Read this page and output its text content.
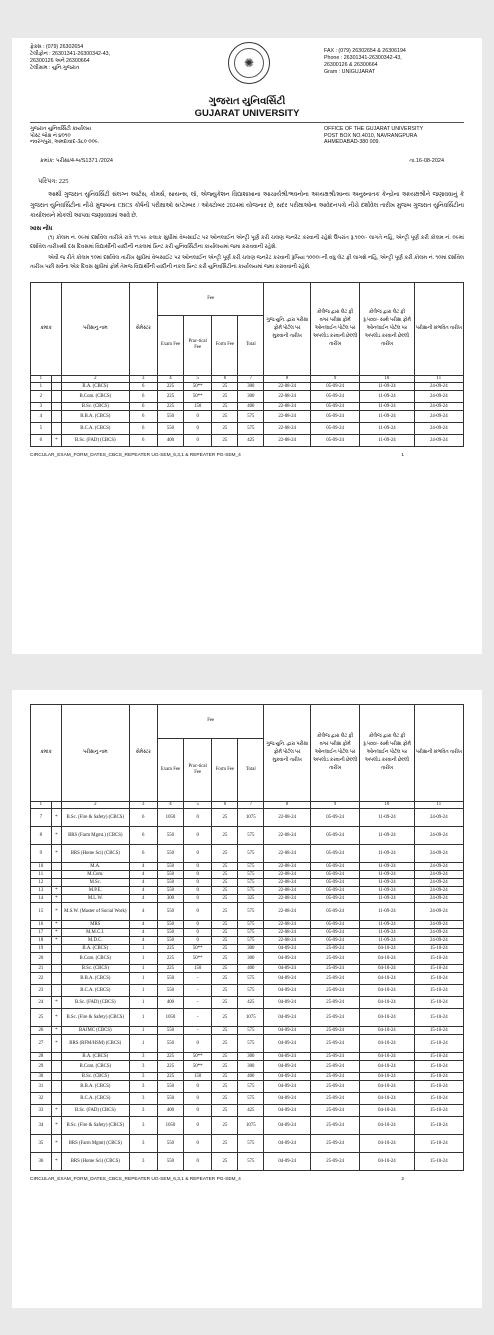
ફેક્સ : (079) 26302654
ટેલીફોન : 26301341-26300342-43,
26300126 અને 26300664
ટેલીગ્રામ : યુનિ.ગુજરાત	✺
FAX : (079) 26302654 & 26306194
Phone : 26301341-26300342-43,
26300126 & 26300664
Gram : UNIGUJARAT
ગુજરાત યુનિવર્સિટી
GUJARAT UNIVERSITY
ગુજરાત યુનિવર્સિટી કાર્યાલય
પોસ્ટ બોક્ષ નં ૪૦૧૦
નવરંગપુરા, અમદાવાદ-૩૮૦ ૦૦૯.
OFFICE OF THE GUJARAT UNIVERSITY
POST BOX NO.4010, NAVRANGPURA
AHMEDABAD-380 009.
ક્રમાંક: પરીક્ષા/4-બ/S1371 /2024	તા.16-08-2024
પરિપત્ર: 225

આથી ગુજરાત યુનિવર્સિટી સંલગ્ન આર્ટસ, કોમર્સ, સાયન્સ, લૉ, એજ્યુકેશન વિદ્યાશાખાના આચાર્યશ્રી/ભવનોના અધ્યક્ષશ્રી/માન્ય અનુસ્નાતક કેન્દ્રોના અધ્યક્ષશ્રીને જણાવવાનું કે ગુજરાત યુનિવર્સિટીના નીચે મુજબના CBCS કોર્ષની પરીક્ષાઓ સપ્ટેમ્બર / ઓક્ટોબર 2024માં યોજનાર છે, સદર પરીક્ષાઓના આવેદનપત્રો નીચે દર્શાવેલ તારીખ મુજબ ગુજરાત યુનિવર્સિટીના કાર્યાલયને મોકલી આપવા જણાવવામાં આવે છે.

ખાસ નોંધ

(૧) કોલમ નં. ૦૯માં દર્શાવેલ તારીખે રાત્રે ૧૧.૫૯ કલાક સુધીમાં વેબસાઈટ પર ઓનલાઈન એન્ટ્રી પૂર્ણ કરી ચલણ જનરેટ કરવાની રહેશે ઉપરાંત રૂ.૧૦૦/- લાગતે નહિ, એન્ટ્રી પૂર્ણ કરી કોલમ નં. ૦૯માં દર્શાવેલ તારીખથી દસ દિવસમાં વિદ્યાર્થીની યાદીની નકલમાં પ્રિન્ટ કરી યુનિવર્સિટીના કાર્યાલયમાં જમા કરાવવાની રહેશે.

એવી જ રીતે કોલમ ૧૦માં દર્શાવેલ તારીખ સુધીમાં વેબસાઈટ પર ઓનલાઈન એન્ટ્રી પૂર્ણ કરી ચલણ જનરેટ કરવાની રૂપિયા ૧૦૦૦/-ની વધુ લેટ ફી લાગશે નહિ, એન્ટ્રી પૂર્ણ કરી કોલમ નં. ૧૦માં દર્શાવેલ તારીખ પછી સર્વેના એક દિવસ સુધીમાં ફોર્મ તેમજ વિદ્યાર્થીની યાદીની નકલ પ્રિન્ટ કરી યુનિવર્સિટીના કાર્યાલયમાં જમા કરાવવાની રહેશે.

ક્રમાંક		પરીક્ષાનું નામ	સેમેસ્ટર	Fee				ગુજ.યુનિ. દ્વારા પરીક્ષા ફોર્મ પોર્ટલ પર મુકવાની તારીખ	કોલેજ દ્વારા લેટ ફી વગર પરીક્ષા ફોર્મ ઓનલાઈન પોર્ટલ પર અપલોડ કરવાની છેલ્લી તારીખ	કોલેજ દ્વારા લેટ ફી રૂ.૫૦૦/- સાથે પરીક્ષા ફોર્મ ઓનલાઈન પોર્ટલ પર અપલોડ કરવાની છેલ્લી તારીખ	પરીક્ષાની સંભવિત તારીખ
				Exam Fee	Prac-tical Fee	Form Fee	Total				
1		2	3	4	5	6	7	8	9	10	11
1		B.A. (CBCS)	6	225	50**	25	300	22-08-24	05-09-24	11-09-24	24-09-24
2		B.Com. (CBCS)	6	225	50**	25	300	22-08-24	05-09-24	11-09-24	24-09-24
3		B.Sc. (CBCS)	6	225	150	25	400	22-08-24	05-09-24	11-09-24	24-09-24
4		B.B.A. (CBCS)	6	550	0	25	575	22-08-24	05-09-24	11-09-24	24-09-24
5		B.C.A. (CBCS)	6	550	0	25	575	22-08-24	05-09-24	11-09-24	24-09-24
6	*	B.Sc. (FAD) (CBCS)	6	400	0	25	425	22-08-24	05-09-24	11-09-24	24-09-24
CIRCULAR_EXAM_FORM_DATES_CBCS_REPEATER UG-SEM_6,3,1 & REPEATER PG-SEM_4	1
ક્રમાંક		પરીક્ષાનું નામ	સેમેસ્ટર	Fee				ગુજ.યુનિ. દ્વારા પરીક્ષા ફોર્મ પોર્ટલ પર મુકવાની તારીખ	કોલેજ દ્વારા લેટ ફી વગર પરીક્ષા ફોર્મ ઓનલાઈન પોર્ટલ પર અપલોડ કરવાની છેલ્લી તારીખ	કોલેજ દ્વારા લેટ ફી રૂ.૫૦૦/- સાથે પરીક્ષા ફોર્મ ઓનલાઈન પોર્ટલ પર અપલોડ કરવાની છેલ્લી તારીખ	પરીક્ષાની સંભવિત તારીખ
				Exam Fee	Prac-tical Fee	Form Fee	Total				
1		2	3	4	5	6	7	8	9	10	11
7	*	B.Sc. (Fire & Safety) (CBCS)	6	1050	0	25	1075	22-08-24	05-09-24	11-09-24	24-09-24
8	*	BRS (Farm Mgmt.) (CBCS)	6	550	0	25	575	22-08-24	05-09-24	11-09-24	24-09-24
9	*	BRS (Home Sci) (CBCS)	6	550	0	25	575	22-08-24	05-09-24	11-09-24	24-09-24
10		M.A.	4	550	0	25	575	22-08-24	05-09-24	11-09-24	24-09-24
11		M.Com.	4	550	0	25	575	22-08-24	05-09-24	11-09-24	24-09-24
12		M.Sc.	4	550	0	25	575	22-08-24	05-09-24	11-09-24	24-09-24
13	*	M.P.E.	4	550	0	25	575	22-08-24	05-09-24	11-09-24	24-09-24
14	*	M.L.W.	4	300	0	25	325	22-08-24	05-09-24	11-09-24	24-09-24
15	*	M.S.W. (Master of Social Work)	4	550	0	25	575	22-08-24	05-09-24	11-09-24	24-09-24
16	*	MRS	4	550	0	25	575	22-08-24	05-09-24	11-09-24	24-09-24
17	*	M.M.C.J.	4	550	0	25	575	22-08-24	05-09-24	11-09-24	24-09-24
18	*	M.D.C.	4	550	0	25	575	22-08-24	05-09-24	11-09-24	24-09-24
19		B.A. (CBCS)	1	225	50**	25	300	04-09-24	25-09-24	04-10-24	15-10-24
20		B.Com. (CBCS)	1	225	50**	25	300	04-09-24	25-09-24	04-10-24	15-10-24
21		B.Sc. (CBCS)	1	225	150	25	400	04-09-24	25-09-24	04-10-24	15-10-24
22		B.B.A. (CBCS)	1	550	-	25	575	04-09-24	25-09-24	04-10-24	15-10-24
23		B.C.A. (CBCS)	1	550	-	25	575	04-09-24	25-09-24	04-10-24	15-10-24
24	*	B.Sc. (FAD) (CBCS)	1	400	-	25	425	04-09-24	25-09-24	04-10-24	15-10-24
25	*	B.Sc. (Fire & Safety) (CBCS)	1	1050	-	25	1075	04-09-24	25-09-24	04-10-24	15-10-24
26	*	BAJMC (CBCS)	1	550	-	25	575	04-09-24	25-09-24	04-10-24	15-10-24
27	*	BRS (RFM/HSM) (CBCS)	1	550	0	25	575	04-09-24	25-09-24	04-10-24	15-10-24
28		B.A. (CBCS)	3	225	50**	25	300	04-09-24	25-09-24	04-10-24	15-10-24
29		B.Com. (CBCS)	3	225	50**	25	300	04-09-24	25-09-24	04-10-24	15-10-24
30		B.Sc. (CBCS)	3	225	150	25	400	04-09-24	25-09-24	04-10-24	15-10-24
31		B.B.A. (CBCS)	3	550	0	25	575	04-09-24	25-09-24	04-10-24	15-10-24
32		B.C.A. (CBCS)	3	550	0	25	575	04-09-24	25-09-24	04-10-24	15-10-24
33	*	B.Sc. (FAD) (CBCS)	3	400	0	25	425	04-09-24	25-09-24	04-10-24	15-10-24
34	*	B.Sc. (Fire & Safety) (CBCS)	3	1050	0	25	1075	04-09-24	25-09-24	04-10-24	15-10-24
35	*	BRS (Farm Mgmt) (CBCS)	3	550	0	25	575	04-09-24	25-09-24	04-10-24	15-10-24
36	*	BRS (Home Sci) (CBCS)	3	550	0	25	575	04-09-24	25-09-24	04-10-24	15-10-24
CIRCULAR_EXAM_FORM_DATES_CBCS_REPEATER UG-SEM_6,3,1 & REPEATER PG-SEM_4	2
